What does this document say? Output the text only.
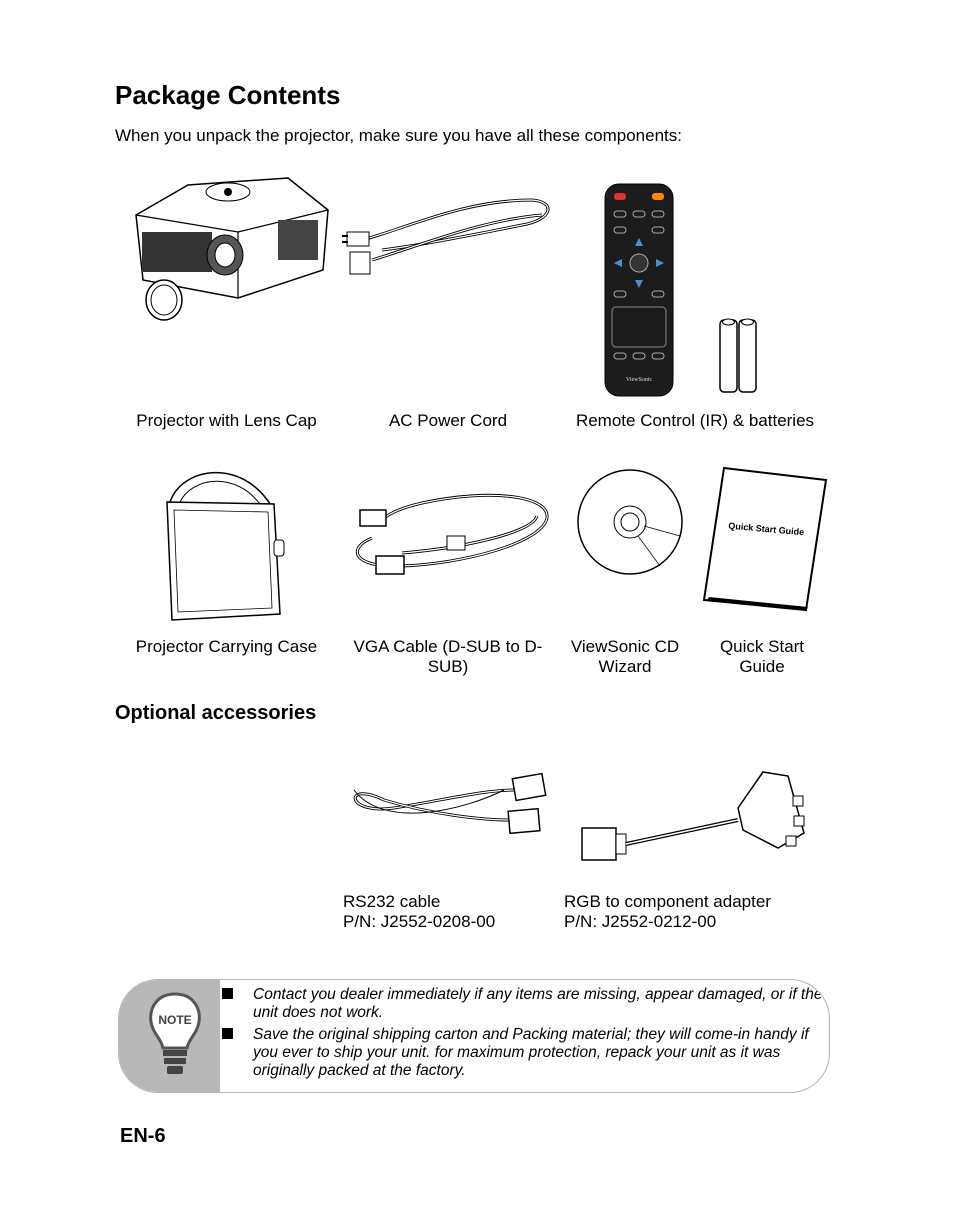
Package Contents
When you unpack the projector, make sure you have all these components:
ViewSonic
Projector with Lens Cap	AC Power Cord	Remote Control (IR) & batteries
Quick Start Guide
Projector Carrying Case	VGA Cable (D-SUB to D-
SUB)
ViewSonic CD
Wizard
Quick Start
Guide
Optional accessories
RS232 cable
P/N: J2552-0208-00
RGB to component adapter
P/N: J2552-0212-00
NOTE
Contact you dealer immediately if any items are missing, appear damaged, or if the unit does not work.
Save the original shipping carton and Packing material; they will come-in handy if you ever to ship your unit. for maximum protection, repack your unit as it was originally packed at the factory.
EN-6
